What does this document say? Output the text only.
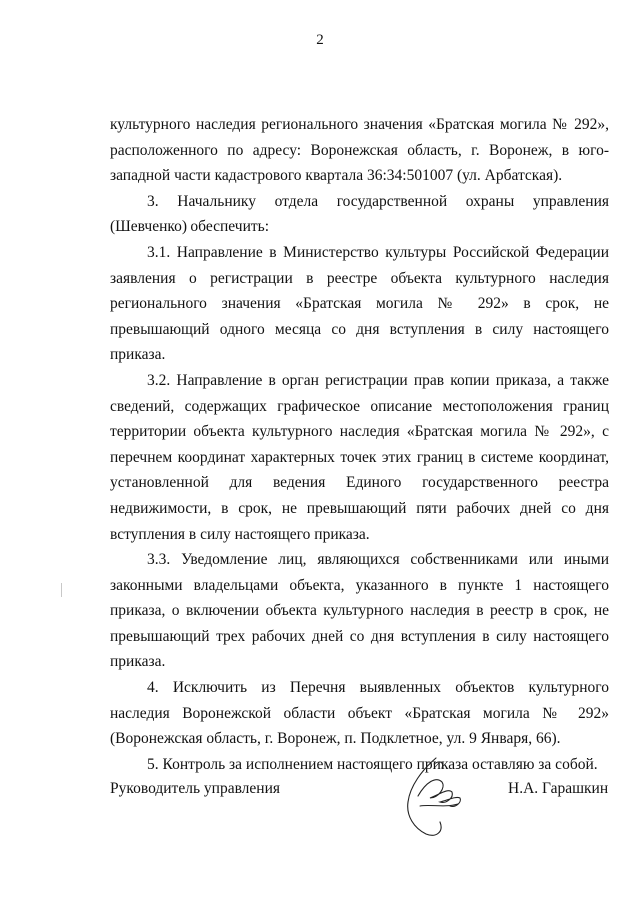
2

культурного наследия регионального значения «Братская могила № 292», расположенного по адресу: Воронежская область, г. Воронеж, в юго-западной части кадастрового квартала 36:34:501007 (ул. Арбатская).

3. Начальнику отдела государственной охраны управления (Шевченко) обеспечить:

3.1. Направление в Министерство культуры Российской Федерации заявления о регистрации в реестре объекта культурного наследия регионального значения «Братская могила № 292» в срок, не превышающий одного месяца со дня вступления в силу настоящего приказа.

3.2. Направление в орган регистрации прав копии приказа, а также сведений, содержащих графическое описание местоположения границ территории объекта культурного наследия «Братская могила № 292», с перечнем координат характерных точек этих границ в системе координат, установленной для ведения Единого государственного реестра недвижимости, в срок, не превышающий пяти рабочих дней со дня вступления в силу настоящего приказа.

3.3. Уведомление лиц, являющихся собственниками или иными законными владельцами объекта, указанного в пункте 1 настоящего приказа, о включении объекта культурного наследия в реестр в срок, не превышающий трех рабочих дней со дня вступления в силу настоящего приказа.

4. Исключить из Перечня выявленных объектов культурного наследия Воронежской области объект «Братская могила № 292» (Воронежская область, г. Воронеж, п. Подклетное, ул. 9 Января, 66).

5. Контроль за исполнением настоящего приказа оставляю за собой.

Руководитель управления	Н.А. Гарашкин
